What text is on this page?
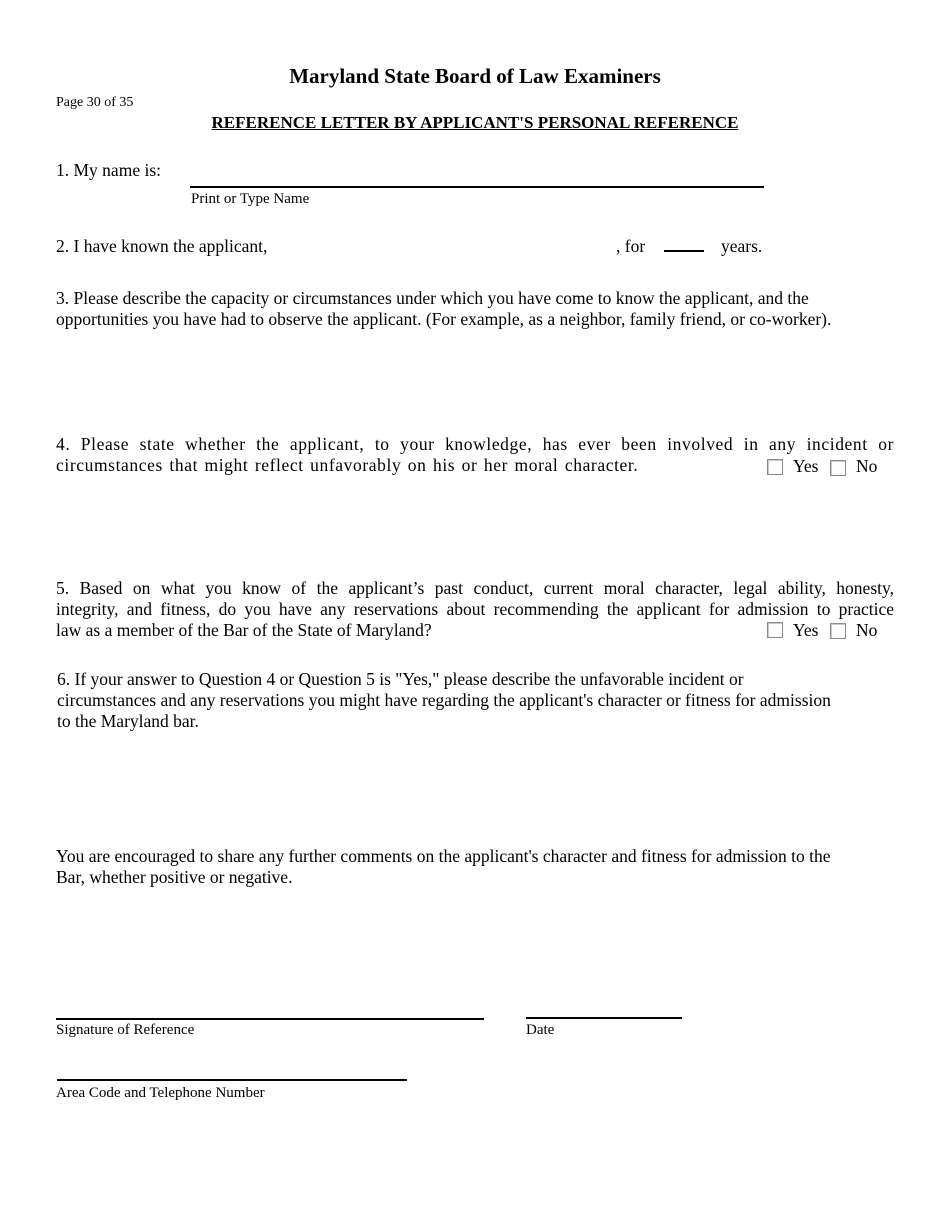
Maryland State Board of Law Examiners
Page 30 of 35
REFERENCE LETTER BY APPLICANT'S PERSONAL REFERENCE
1. My name is:
Print or Type Name
2. I have known the applicant,	, for	years.
3. Please describe the capacity or circumstances under which you have come to know the applicant, and the
opportunities you have had to observe the applicant. (For example, as a neighbor, family friend, or co-worker).
4. Please state whether the applicant, to your knowledge, has ever been involved in any incident or
circumstances that might reflect unfavorably on his or her moral character.	Yes No
5. Based on what you know of the applicant’s past conduct, current moral character, legal ability, honesty,
integrity, and fitness, do you have any reservations about recommending the applicant for admission to practice
law as a member of the Bar of the State of Maryland?	Yes No
6. If your answer to Question 4 or Question 5 is "Yes," please describe the unfavorable incident or
circumstances and any reservations you might have regarding the applicant's character or fitness for admission
to the Maryland bar.
You are encouraged to share any further comments on the applicant's character and fitness for admission to the
Bar, whether positive or negative.
Signature of Reference	Date
Area Code and Telephone Number
